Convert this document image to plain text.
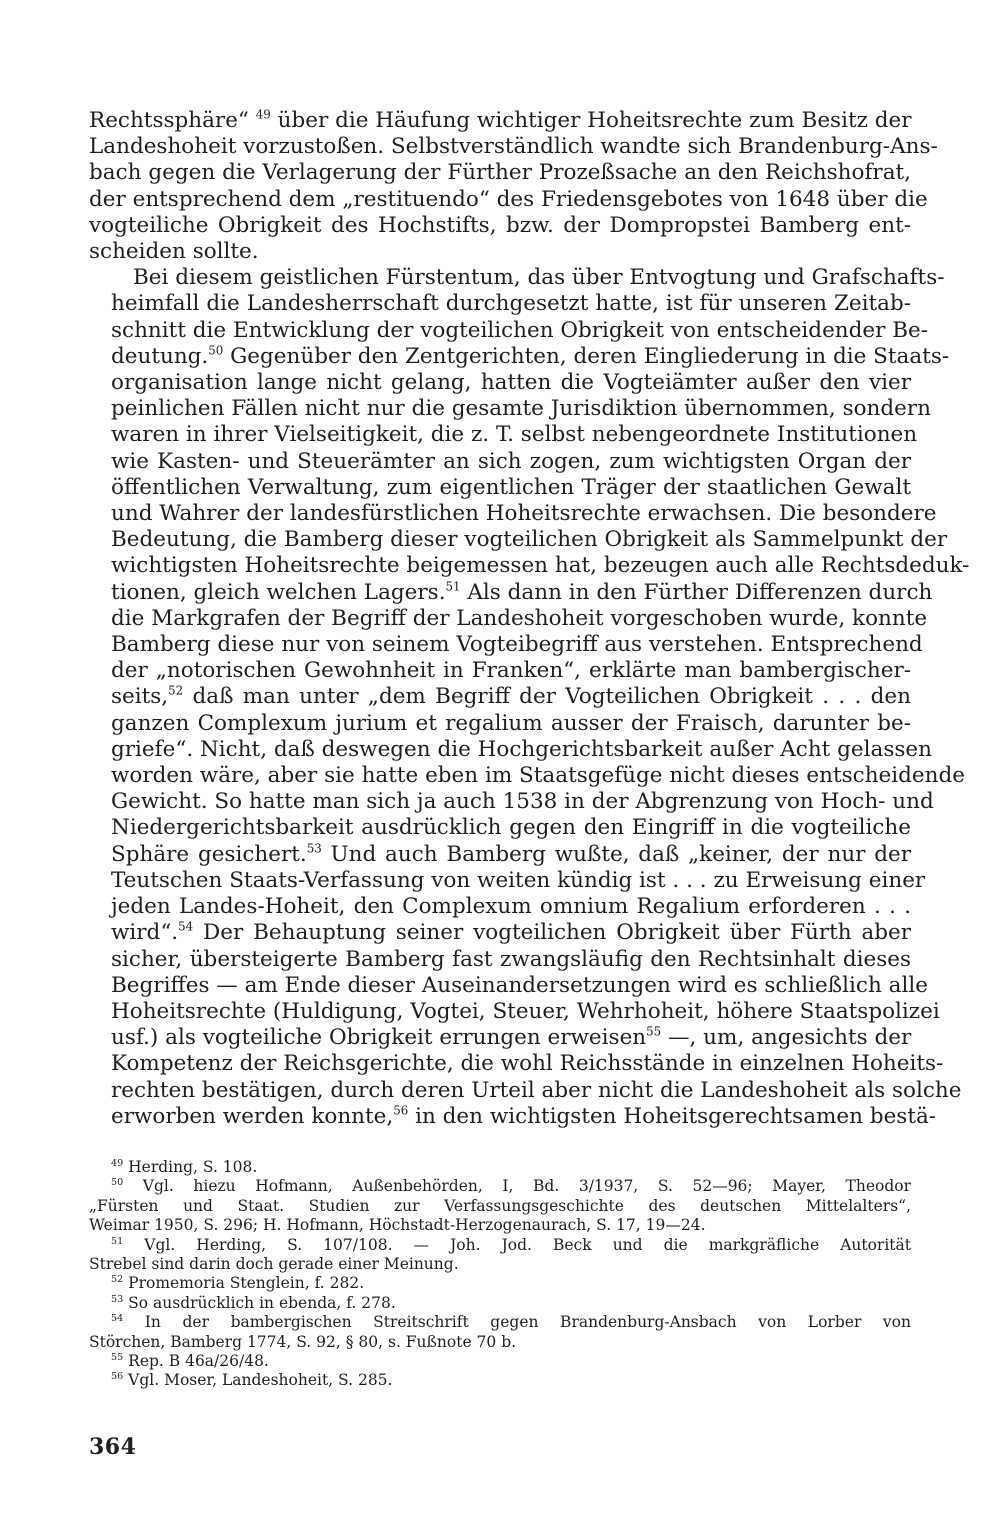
Rechtssphäre“ $^{49}$ über die Häufung wichtiger Hoheitsrechte zum Besitz der
Landeshoheit vorzustoßen. Selbstverständlich wandte sich Brandenburg-Ans-
bach gegen die Verlagerung der Fürther Prozeßsache an den Reichshofrat,
der entsprechend dem „restituendo“ des Friedensgebotes von 1648 über die
vogteiliche Obrigkeit des Hochstifts, bzw. der Dompropstei Bamberg ent-
scheiden sollte.

Bei diesem geistlichen Fürstentum, das über Entvogtung und Grafschafts-
heimfall die Landesherrschaft durchgesetzt hatte, ist für unseren Zeitab-
schnitt die Entwicklung der vogteilichen Obrigkeit von entscheidender Be-
deutung.$^{50}$ Gegenüber den Zentgerichten, deren Eingliederung in die Staats-
organisation lange nicht gelang, hatten die Vogteiämter außer den vier
peinlichen Fällen nicht nur die gesamte Jurisdiktion übernommen, sondern
waren in ihrer Vielseitigkeit, die z. T. selbst nebengeordnete Institutionen
wie Kasten- und Steuerämter an sich zogen, zum wichtigsten Organ der
öffentlichen Verwaltung, zum eigentlichen Träger der staatlichen Gewalt
und Wahrer der landesfürstlichen Hoheitsrechte erwachsen. Die besondere
Bedeutung, die Bamberg dieser vogteilichen Obrigkeit als Sammelpunkt der
wichtigsten Hoheitsrechte beigemessen hat, bezeugen auch alle Rechtsdeduk-
tionen, gleich welchen Lagers.$^{51}$ Als dann in den Fürther Differenzen durch
die Markgrafen der Begriff der Landeshoheit vorgeschoben wurde, konnte
Bamberg diese nur von seinem Vogteibegriff aus verstehen. Entsprechend
der „notorischen Gewohnheit in Franken“, erklärte man bambergischer-
seits,$^{52}$ daß man unter „dem Begriff der Vogteilichen Obrigkeit . . . den
ganzen Complexum jurium et regalium ausser der Fraisch, darunter be-
griefe“. Nicht, daß deswegen die Hochgerichtsbarkeit außer Acht gelassen
worden wäre, aber sie hatte eben im Staatsgefüge nicht dieses entscheidende
Gewicht. So hatte man sich ja auch 1538 in der Abgrenzung von Hoch- und
Niedergerichtsbarkeit ausdrücklich gegen den Eingriff in die vogteiliche
Sphäre gesichert.$^{53}$ Und auch Bamberg wußte, daß „keiner, der nur der
Teutschen Staats-Verfassung von weiten kündig ist . . . zu Erweisung einer
jeden Landes-Hoheit, den Complexum omnium Regalium erforderen . . .
wird“.$^{54}$ Der Behauptung seiner vogteilichen Obrigkeit über Fürth aber
sicher, übersteigerte Bamberg fast zwangsläufig den Rechtsinhalt dieses
Begriffes — am Ende dieser Auseinandersetzungen wird es schließlich alle
Hoheitsrechte (Huldigung, Vogtei, Steuer, Wehrhoheit, höhere Staatspolizei
usf.) als vogteiliche Obrigkeit errungen erweisen$^{55}$ —, um, angesichts der
Kompetenz der Reichsgerichte, die wohl Reichsstände in einzelnen Hoheits-
rechten bestätigen, durch deren Urteil aber nicht die Landeshoheit als solche
erworben werden konnte,$^{56}$ in den wichtigsten Hoheitsgerechtsamen bestä-

$^{49}$ Herding, S. 108.
$^{50}$ Vgl. hiezu Hofmann, Außenbehörden, I, Bd. 3/1937, S. 52—96; Mayer, Theodor
„Fürsten und Staat. Studien zur Verfassungsgeschichte des deutschen Mittelalters“,
Weimar 1950, S. 296; H. Hofmann, Höchstadt-Herzogenaurach, S. 17, 19—24.
$^{51}$ Vgl. Herding, S. 107/108. — Joh. Jod. Beck und die markgräfliche Autorität
Strebel sind darin doch gerade einer Meinung.
$^{52}$ Promemoria Stenglein, f. 282.
$^{53}$ So ausdrücklich in ebenda, f. 278.
$^{54}$ In der bambergischen Streitschrift gegen Brandenburg-Ansbach von Lorber von
Störchen, Bamberg 1774, S. 92, § 80, s. Fußnote 70 b.
$^{55}$ Rep. B 46a/26/48.
$^{56}$ Vgl. Moser, Landeshoheit, S. 285.
364
